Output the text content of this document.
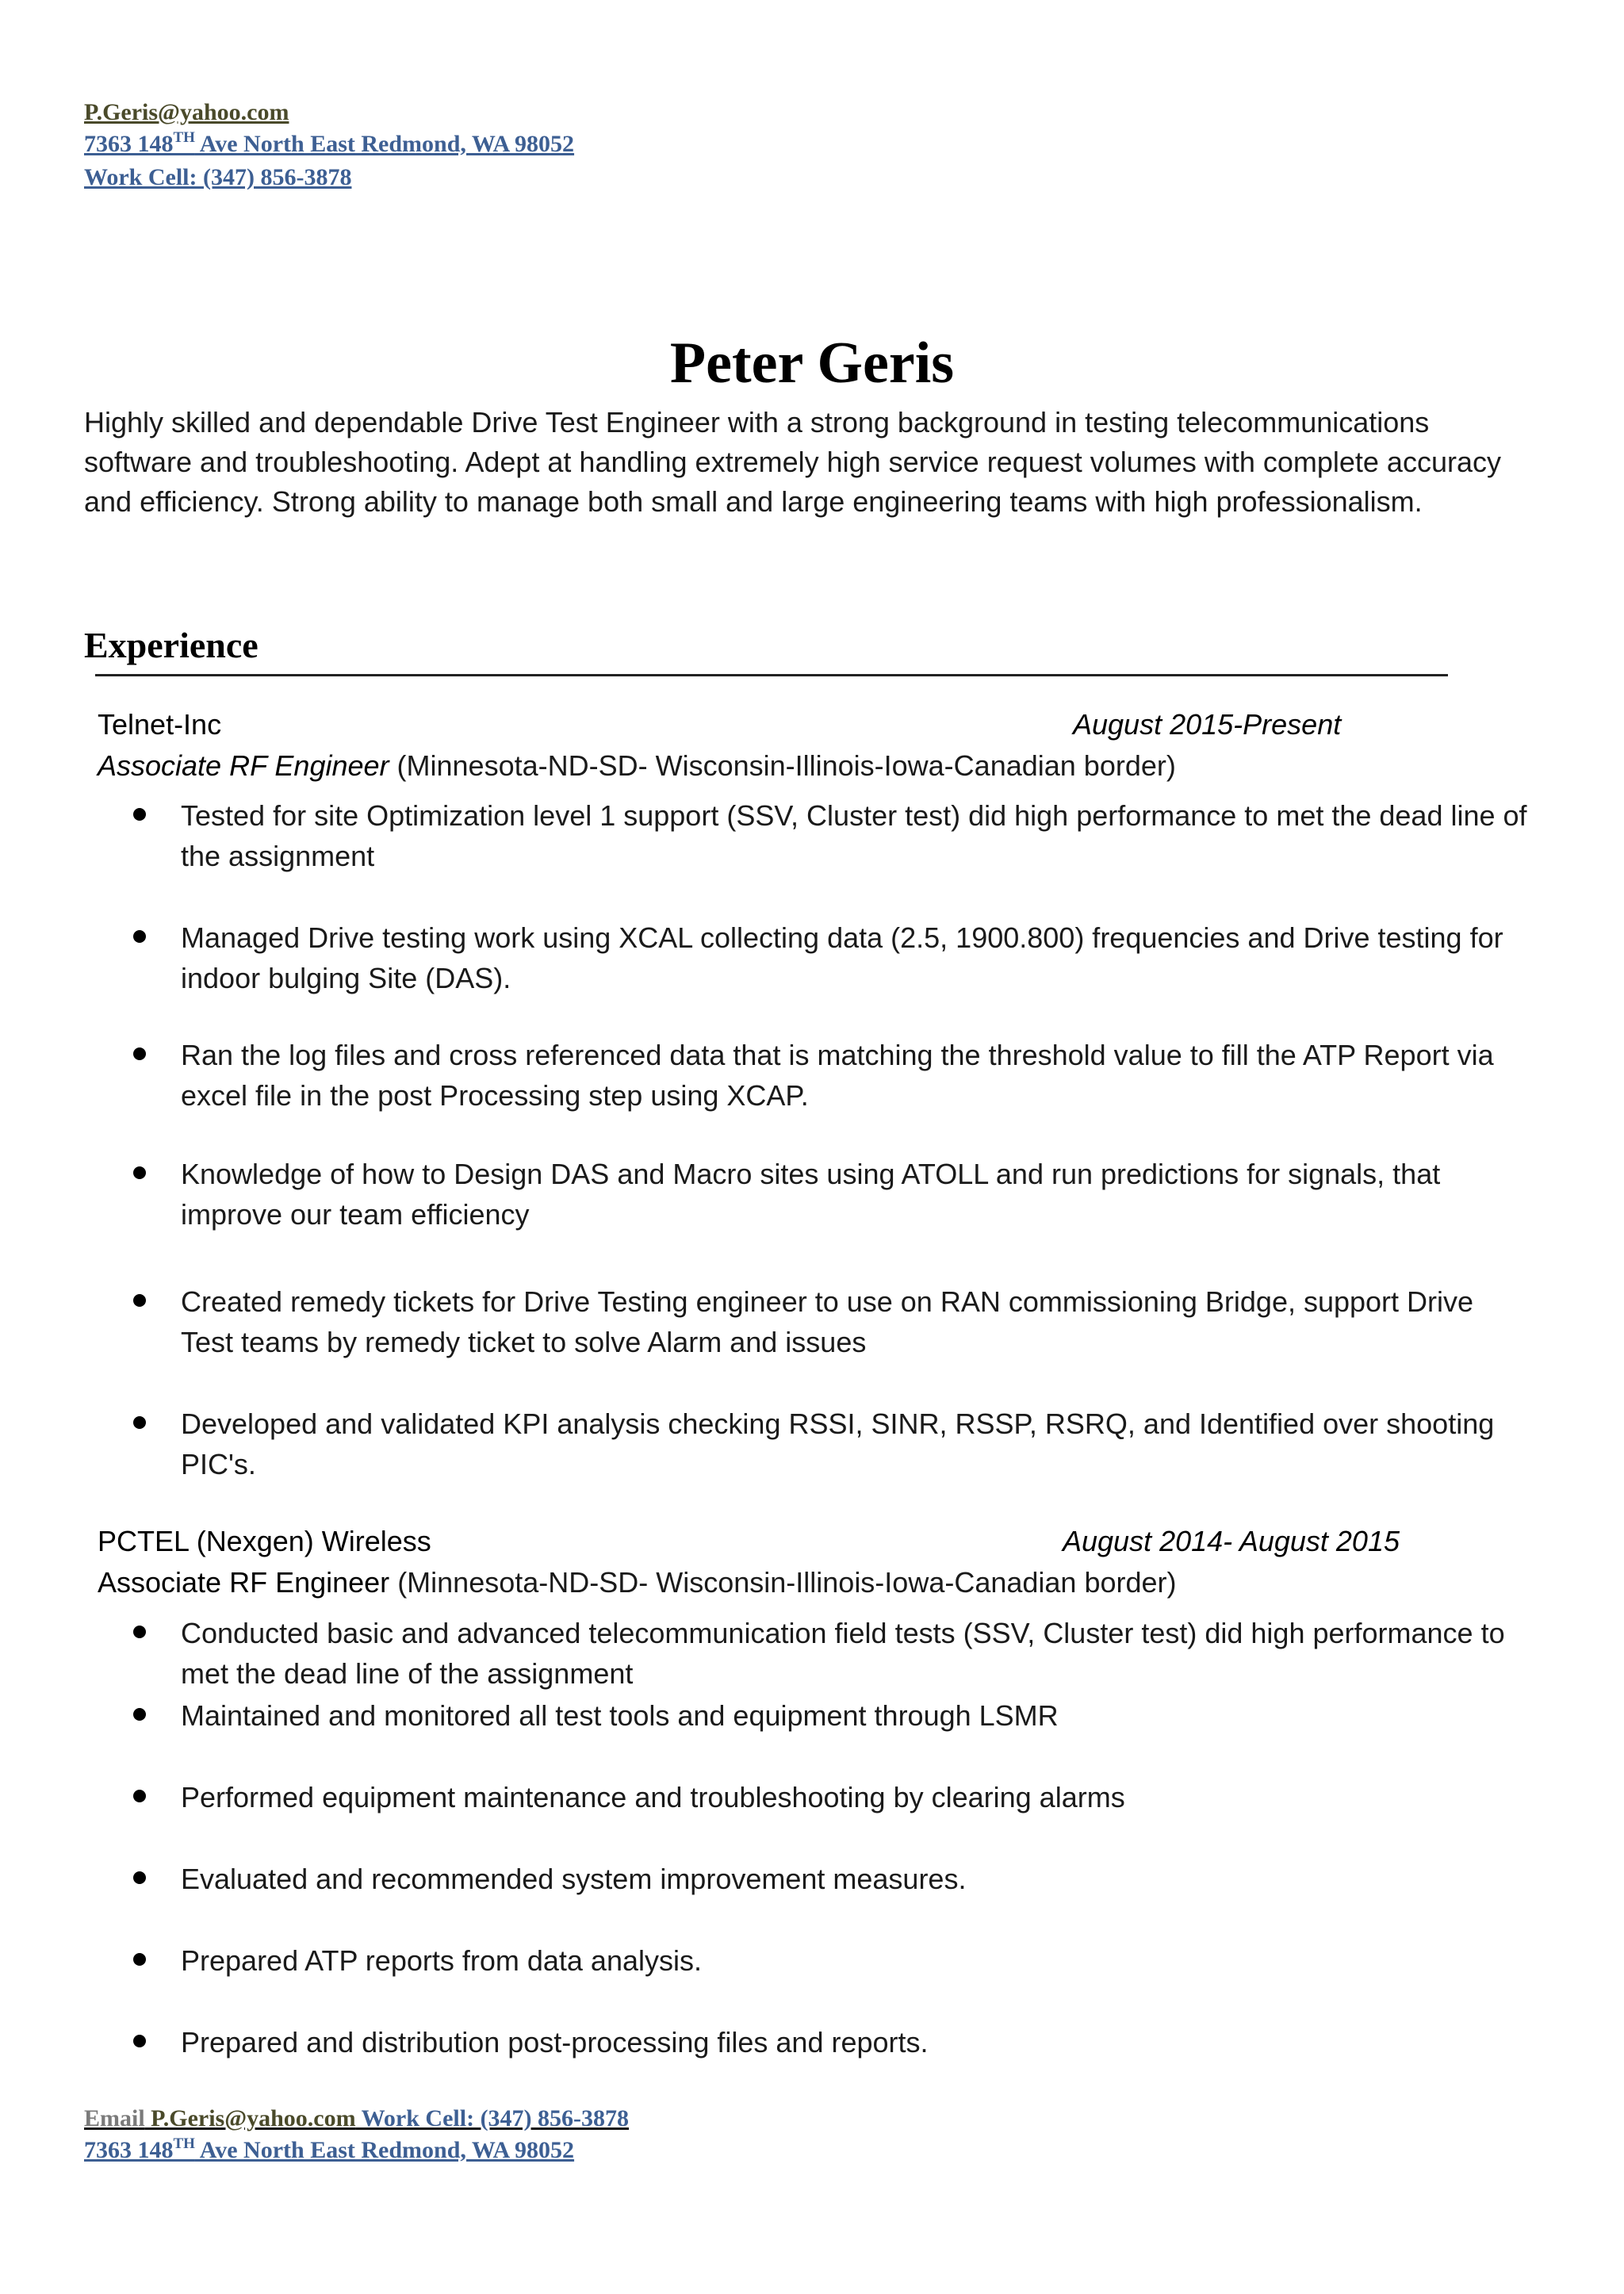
P.Geris@yahoo.com
7363 148TH Ave North East Redmond, WA 98052
Work Cell: (347) 856-3878
Peter Geris
Highly skilled and dependable Drive Test Engineer with a strong background in testing telecommunications software and troubleshooting. Adept at handling extremely high service request volumes with complete accuracy and efficiency. Strong ability to manage both small and large engineering teams with high professionalism.
Experience
Telnet-Inc	August 2015-Present
Associate RF Engineer (Minnesota-ND-SD- Wisconsin-Illinois-Iowa-Canadian border)
Tested for site Optimization level 1 support (SSV, Cluster test) did high performance to met the dead line of the assignment
Managed Drive testing work using XCAL collecting data (2.5, 1900.800) frequencies and Drive testing for indoor bulging Site (DAS).
Ran the log files and cross referenced data that is matching the threshold value to fill the ATP Report via excel file in the post Processing step using XCAP.
Knowledge of how to Design DAS and Macro sites using ATOLL and run predictions for signals, that improve our team efficiency
Created remedy tickets for Drive Testing engineer to use on RAN commissioning Bridge, support Drive Test teams by remedy ticket to solve Alarm and issues
Developed and validated KPI analysis checking RSSI, SINR, RSSP, RSRQ, and Identified over shooting PIC's.
PCTEL (Nexgen) Wireless	August 2014- August 2015
Associate RF Engineer (Minnesota-ND-SD- Wisconsin-Illinois-Iowa-Canadian border)
Conducted basic and advanced telecommunication field tests (SSV, Cluster test) did high performance to met the dead line of the assignment
Maintained and monitored all test tools and equipment through LSMR
Performed equipment maintenance and troubleshooting by clearing alarms
Evaluated and recommended system improvement measures.
Prepared ATP reports from data analysis.
Prepared and distribution post-processing files and reports.
Email P.Geris@yahoo.com Work Cell: (347) 856-3878
7363 148TH Ave North East Redmond, WA 98052
